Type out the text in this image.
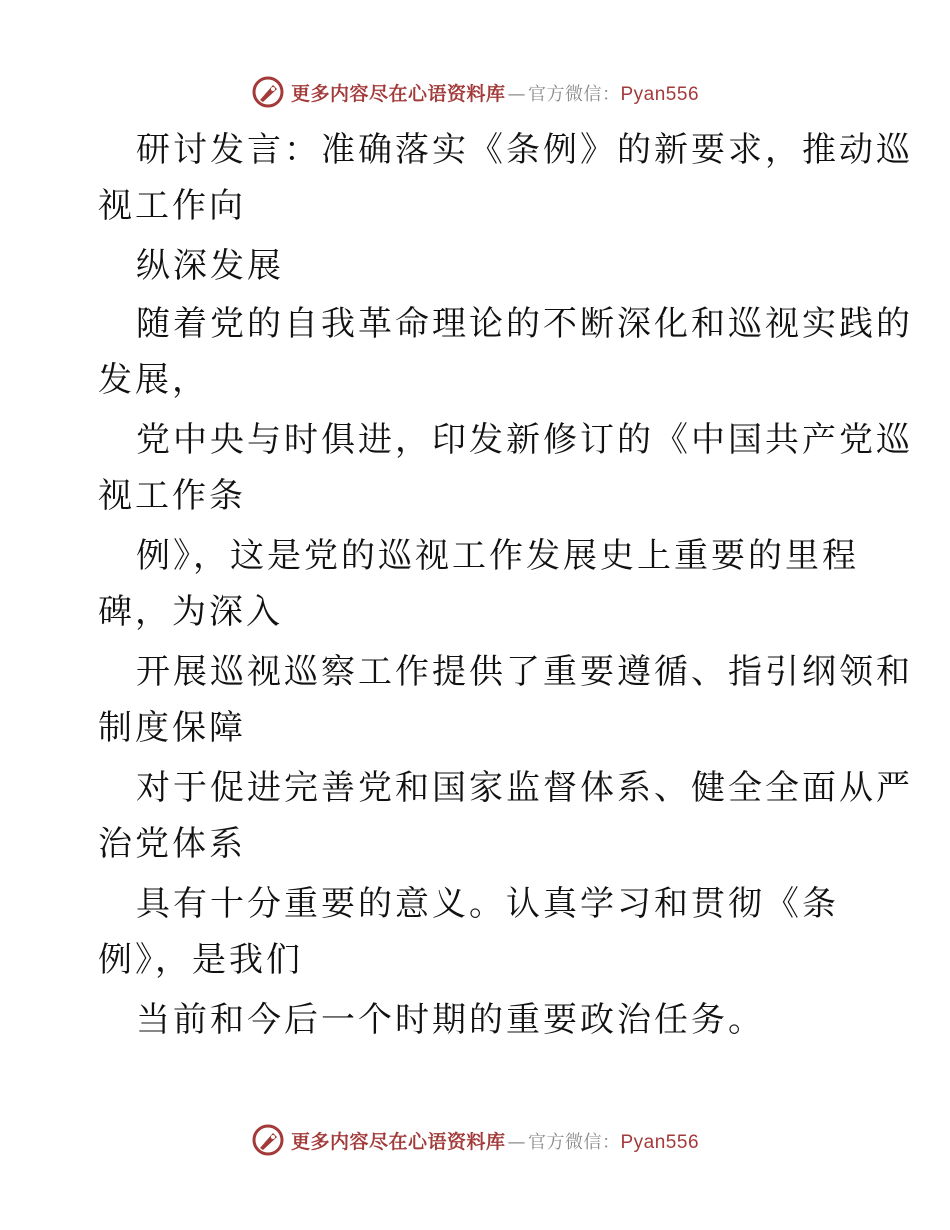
更多内容尽在心语资料库 — 官方微信： Pyan556
研讨发言：准确落实《条例》的新要求，推动巡
视工作向
纵深发展
随着党的自我革命理论的不断深化和巡视实践的
发展，
党中央与时俱进，印发新修订的《中国共产党巡
视工作条
例》，这是党的巡视工作发展史上重要的里程
碑，为深入
开展巡视巡察工作提供了重要遵循、指引纲领和
制度保障
对于促进完善党和国家监督体系、健全全面从严
治党体系
具有十分重要的意义。认真学习和贯彻《条
例》，是我们
当前和今后一个时期的重要政治任务。
更多内容尽在心语资料库 — 官方微信： Pyan556
